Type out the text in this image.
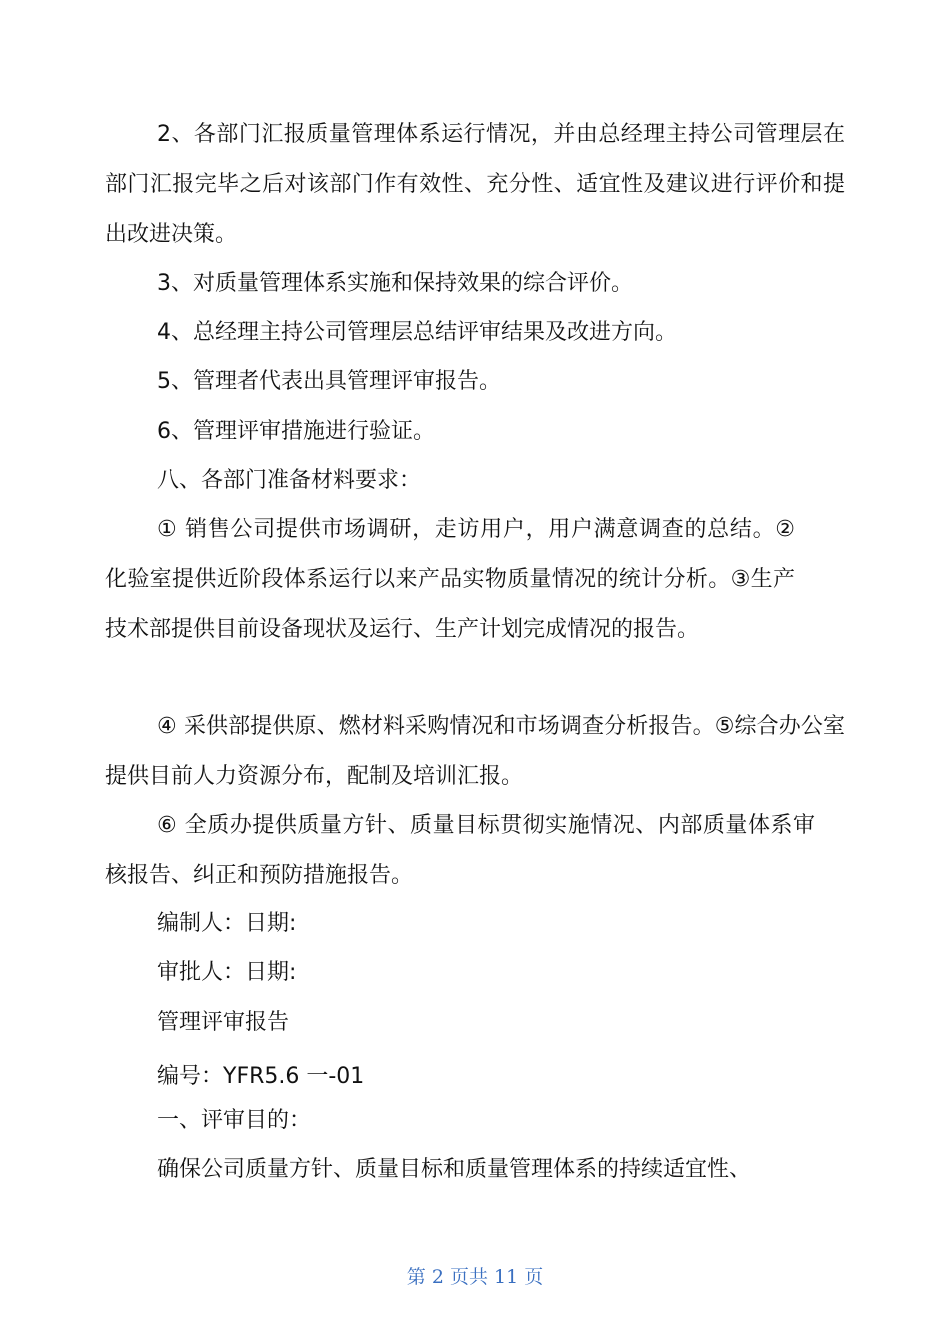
2、各部门汇报质量管理体系运行情况，并由总经理主持公司管理层在部门汇报完毕之后对该部门作有效性、充分性、适宜性及建议进行评价和提出改进决策。

3、对质量管理体系实施和保持效果的综合评价。

4、总经理主持公司管理层总结评审结果及改进方向。

5、管理者代表出具管理评审报告。

6、管理评审措施进行验证。

八、各部门准备材料要求：

① 销售公司提供市场调研，走访用户，用户满意调查的总结。②化验室提供近阶段体系运行以来产品实物质量情况的统计分析。③生产技术部提供目前设备现状及运行、生产计划完成情况的报告。

④ 采供部提供原、燃材料采购情况和市场调查分析报告。⑤综合办公室提供目前人力资源分布，配制及培训汇报。

⑥ 全质办提供质量方针、质量目标贯彻实施情况、内部质量体系审核报告、纠正和预防措施报告。

编制人：日期:

审批人：日期:

管理评审报告

编号：YFR5.6 一-01

一、评审目的：

确保公司质量方针、质量目标和质量管理体系的持续适宜性、

第 2 页共 11 页
